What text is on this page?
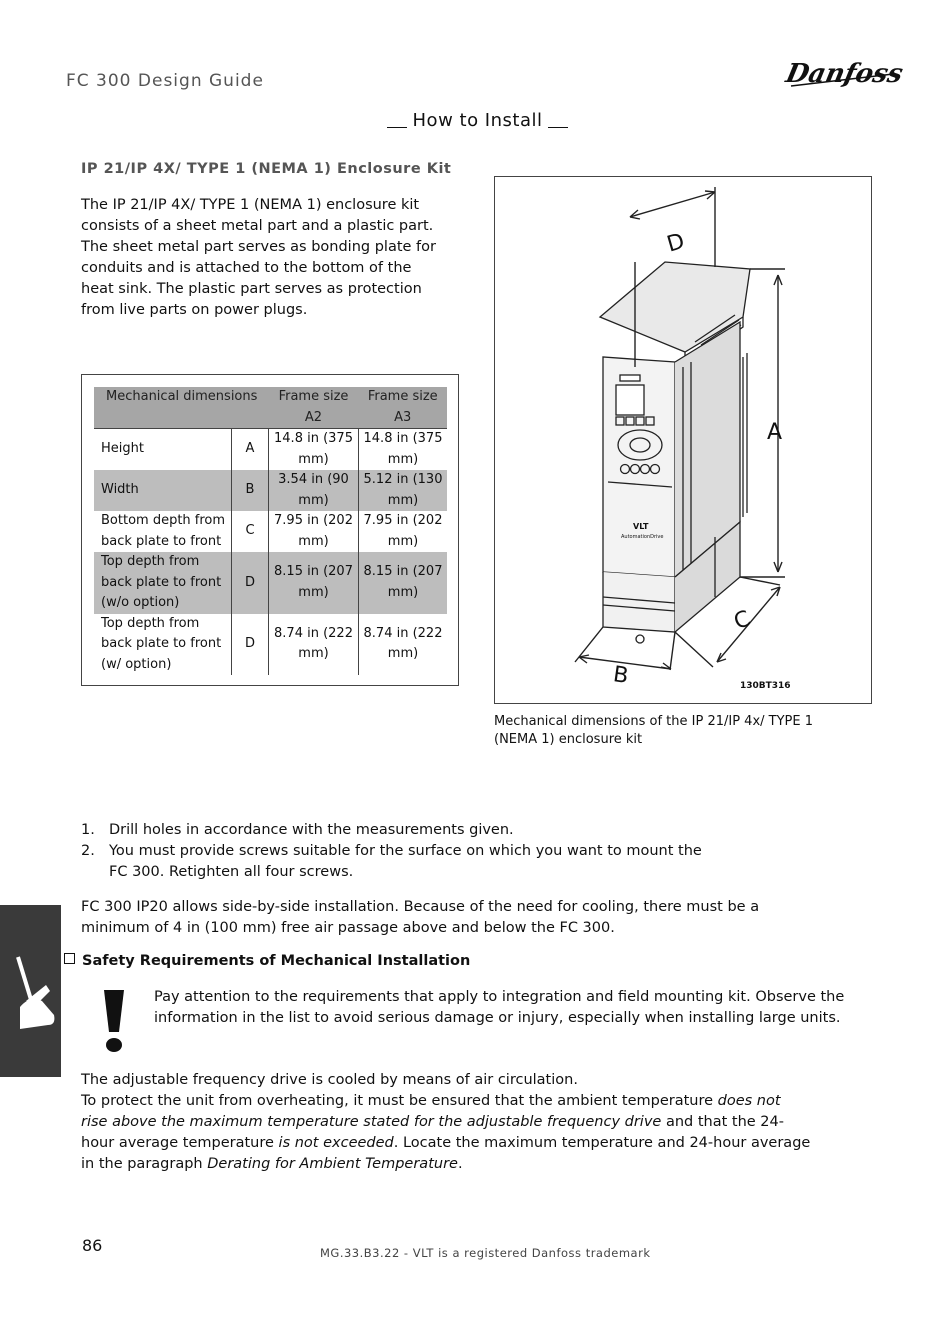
FC 300 Design Guide	Danfoss
How to Install
IP 21/IP 4X/ TYPE 1 (NEMA 1) Enclosure Kit
The IP 21/IP 4X/ TYPE 1 (NEMA 1) enclosure kit
consists of a sheet metal part and a plastic part.
The sheet metal part serves as bonding plate for
conduits and is attached to the bottom of the
heat sink. The plastic part serves as protection
from live parts on power plugs.
Mechanical dimensions		Frame size A2	Frame size A3
Height	A	14.8 in (375 mm)	14.8 in (375 mm)
Width	B	3.54 in (90 mm)	5.12 in (130 mm)
Bottom depth from back plate to front	C	7.95 in (202 mm)	7.95 in (202 mm)
Top depth from back plate to front (w/o option)	D	8.15 in (207 mm)	8.15 in (207 mm)
Top depth from back plate to front (w/ option)	D	8.74 in (222 mm)	8.74 in (222 mm)
D
A
B
C
VLT
AutomationDrive
130BT316
Mechanical dimensions of the IP 21/IP 4x/ TYPE 1 (NEMA 1) enclosure kit
1. Drill holes in accordance with the measurements given.
2. You must provide screws suitable for the surface on which you want to mount the FC 300. Retighten all four screws.
FC 300 IP20 allows side-by-side installation. Because of the need for cooling, there must be a minimum of 4 in (100 mm) free air passage above and below the FC 300.
Safety Requirements of Mechanical Installation
Pay attention to the requirements that apply to integration and field mounting kit. Observe the information in the list to avoid serious damage or injury, especially when installing large units.
The adjustable frequency drive is cooled by means of air circulation.
To protect the unit from overheating, it must be ensured that the ambient temperature does not rise above the maximum temperature stated for the adjustable frequency drive and that the 24-hour average temperature is not exceeded. Locate the maximum temperature and 24-hour average in the paragraph Derating for Ambient Temperature.
86	MG.33.B3.22 - VLT is a registered Danfoss trademark
